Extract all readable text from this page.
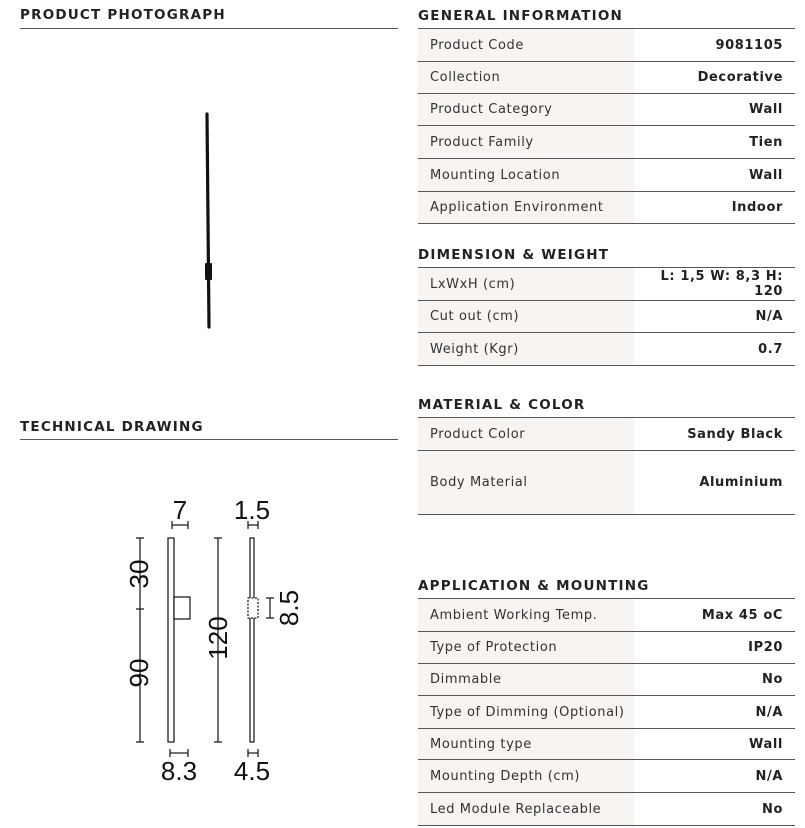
PRODUCT PHOTOGRAPH
TECHNICAL DRAWING
7 1.5
8.3 4.5
30
90
120
8.5
GENERAL INFORMATION
Product Code	9081105
Collection	Decorative
Product Category	Wall
Product Family	Tien
Mounting Location	Wall
Application Environment	Indoor
DIMENSION & WEIGHT
LxWxH (cm)	L: 1,5 W: 8,3 H: 120
Cut out (cm)	N/A
Weight (Kgr)	0.7
MATERIAL & COLOR
Product Color	Sandy Black
Body Material	Aluminium
APPLICATION & MOUNTING
Ambient Working Temp.	Max 45 oC
Type of Protection	IP20
Dimmable	No
Type of Dimming (Optional)	N/A
Mounting type	Wall
Mounting Depth (cm)	N/A
Led Module Replaceable	No
